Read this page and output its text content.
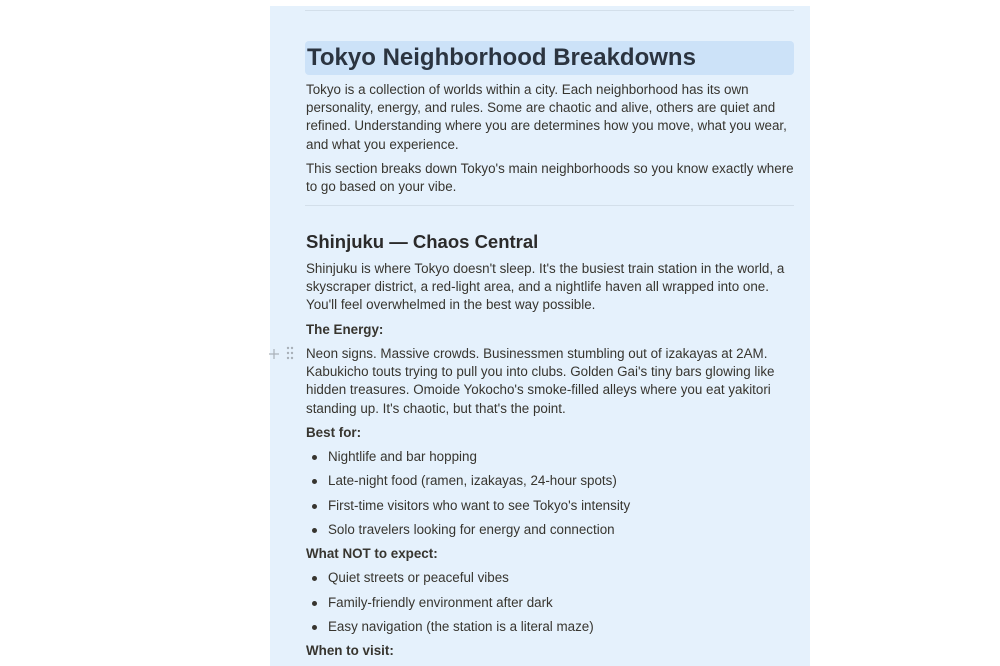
Tokyo Neighborhood Breakdowns
Tokyo is a collection of worlds within a city. Each neighborhood has its own personality, energy, and rules. Some are chaotic and alive, others are quiet and refined. Understanding where you are determines how you move, what you wear, and what you experience.
This section breaks down Tokyo's main neighborhoods so you know exactly where to go based on your vibe.
Shinjuku — Chaos Central
Shinjuku is where Tokyo doesn't sleep. It's the busiest train station in the world, a skyscraper district, a red-light area, and a nightlife haven all wrapped into one. You'll feel overwhelmed in the best way possible.
The Energy:
Neon signs. Massive crowds. Businessmen stumbling out of izakayas at 2AM. Kabukicho touts trying to pull you into clubs. Golden Gai's tiny bars glowing like hidden treasures. Omoide Yokocho's smoke-filled alleys where you eat yakitori standing up. It's chaotic, but that's the point.
Best for:
Nightlife and bar hopping
Late-night food (ramen, izakayas, 24-hour spots)
First-time visitors who want to see Tokyo's intensity
Solo travelers looking for energy and connection
What NOT to expect:
Quiet streets or peaceful vibes
Family-friendly environment after dark
Easy navigation (the station is a literal maze)
When to visit:
